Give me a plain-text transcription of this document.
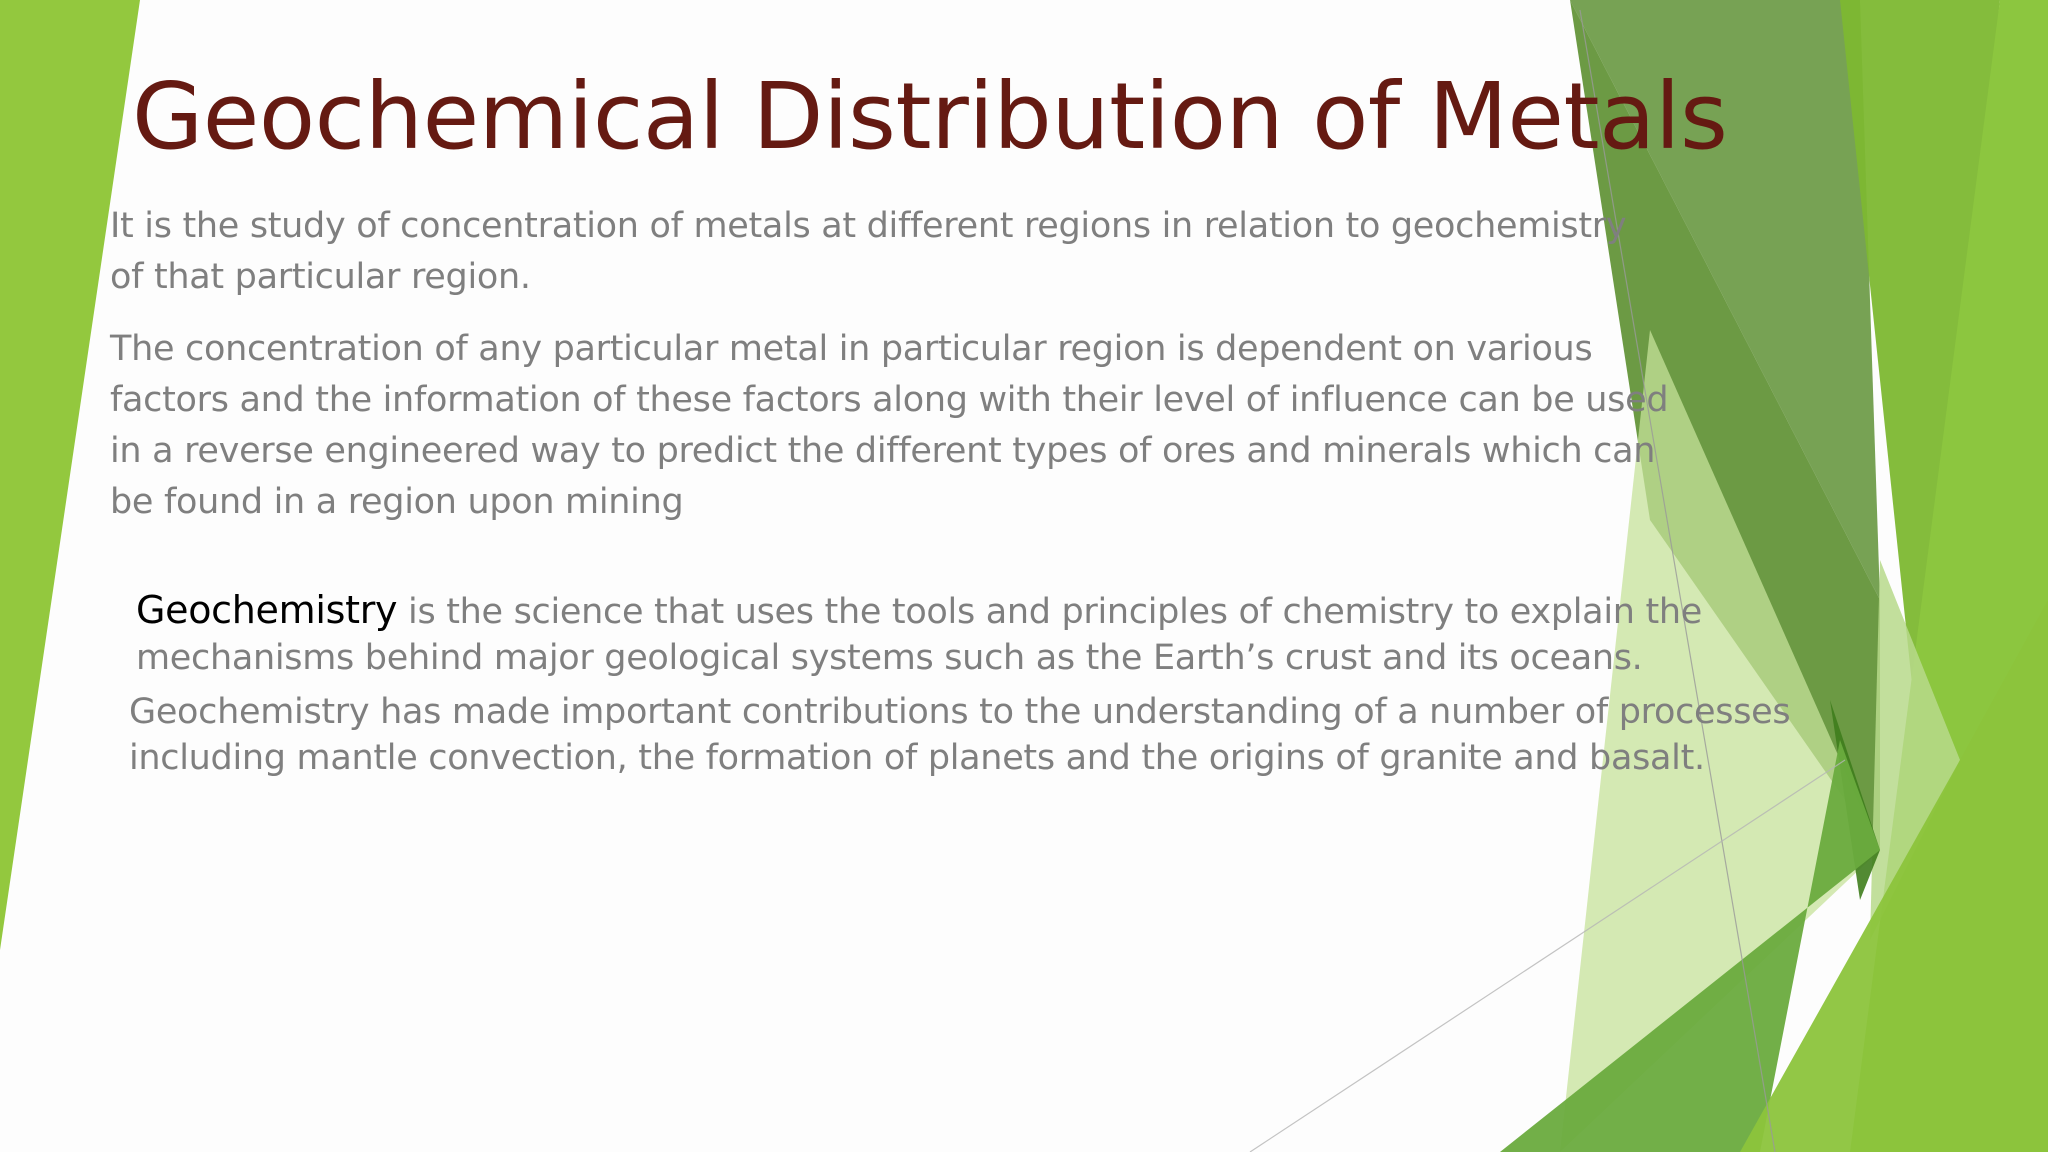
Geochemical Distribution of Metals

It is the study of concentration of metals at different regions in relation to geochemistry of that particular region.

The concentration of any particular metal in particular region is dependent on various factors and the information of these factors along with their level of influence can be used in a reverse engineered way to predict the different types of ores and minerals which can be found in a region upon mining

Geochemistry is the science that uses the tools and principles of chemistry to explain the mechanisms behind major geological systems such as the Earth’s crust and its oceans.

Geochemistry has made important contributions to the understanding of a number of processes including mantle convection, the formation of planets and the origins of granite and basalt.
